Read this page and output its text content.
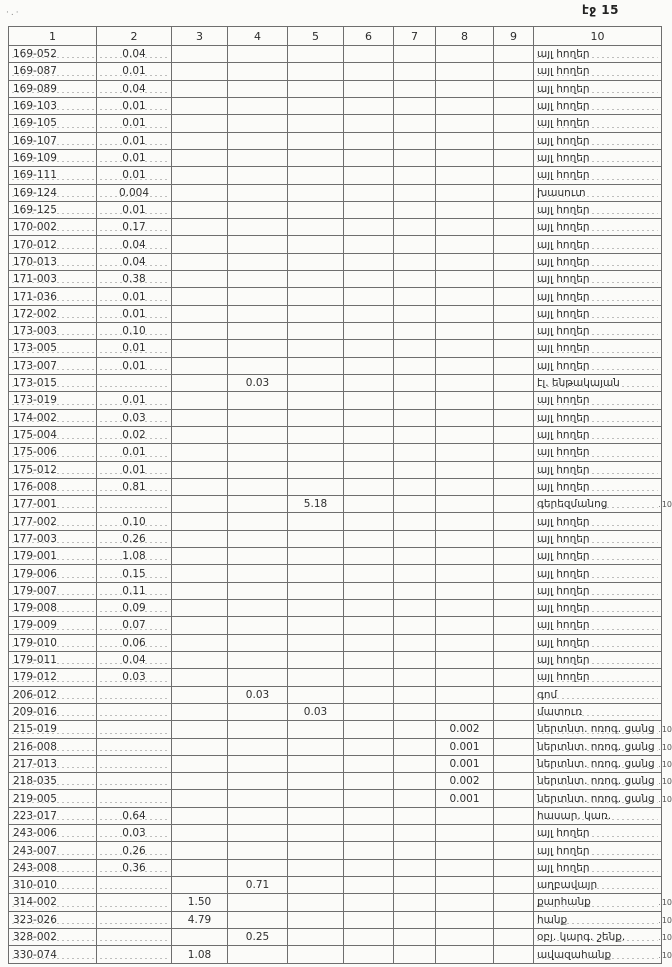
·.·	էջ 15
1	2	3	4	5	6	7	8	9	10
169-052	0.04								այլ հողեր
169-087	0.01								այլ հողեր
169-089	0.04								այլ հողեր
169-103	0.01								այլ հողեր
169-105	0.01								այլ հողեր
169-107	0.01								այլ հողեր
169-109	0.01								այլ հողեր
169-111	0.01								այլ հողեր
169-124	0.004								խասուտ
169-125	0.01								այլ հողեր
170-002	0.17								այլ հողեր
170-012	0.04								այլ հողեր
170-013	0.04								այլ հողեր
171-003	0.38								այլ հողեր
171-036	0.01								այլ հողեր
172-002	0.01								այլ հողեր
173-003	0.10								այլ հողեր
173-005	0.01								այլ հողեր
173-007	0.01								այլ հողեր
173-015			0.03						էլ. ենթակայան
173-019	0.01								այլ հողեր
174-002	0.03								այլ հողեր
175-004	0.02								այլ հողեր
175-006	0.01								այլ հողեր
175-012	0.01								այլ հողեր
176-008	0.81								այլ հողեր
177-001				5.18					գերեզմանոց . 10

177-002	0.10								այլ հողեր
177-003	0.26								այլ հողեր
179-001	1.08								այլ հողեր
179-006	0.15								այլ հողեր
179-007	0.11								այլ հողեր
179-008	0.09								այլ հողեր
179-009	0.07								այլ հողեր
179-010	0.06								այլ հողեր
179-011	0.04								այլ հողեր
179-012	0.03								այլ հողեր
206-012			0.03						գոմ
209-016				0.03					մատուռ
215-019							0.002		ներտնտ. ոռոգ. ցանց . 10

216-008							0.001		ներտնտ. ոռոգ. ցանց . 10

217-013							0.001		ներտնտ. ոռոգ. ցանց . 10

218-035							0.002		ներտնտ. ոռոգ. ցանց . 10

219-005							0.001		ներտնտ. ոռոգ. ցանց . 10

223-017	0.64								հասար. կառ.
243-006	0.03								այլ հողեր
243-007	0.26								այլ հողեր
243-008	0.36								այլ հողեր
310-010			0.71						աղբավայր
314-002		1.50							քարհանք . 10

323-026		4.79							հանք . 10

328-002			0.25						օբյ. կարգ. շենք. . 10

330-074		1.08							ավազահանք . 10
